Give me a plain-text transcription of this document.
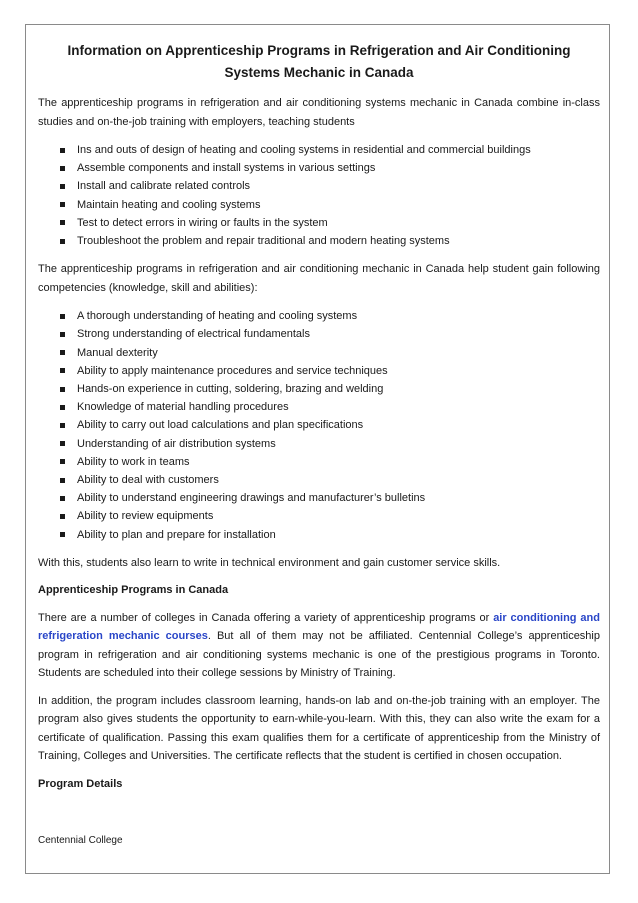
Information on Apprenticeship Programs in Refrigeration and Air Conditioning Systems Mechanic in Canada

The apprenticeship programs in refrigeration and air conditioning systems mechanic in Canada combine in-class studies and on-the-job training with employers, teaching students

Ins and outs of design of heating and cooling systems in residential and commercial buildings
Assemble components and install systems in various settings
Install and calibrate related controls
Maintain heating and cooling systems
Test to detect errors in wiring or faults in the system
Troubleshoot the problem and repair traditional and modern heating systems

The apprenticeship programs in refrigeration and air conditioning mechanic in Canada help student gain following competencies (knowledge, skill and abilities):

A thorough understanding of heating and cooling systems
Strong understanding of electrical fundamentals
Manual dexterity
Ability to apply maintenance procedures and service techniques
Hands-on experience in cutting, soldering, brazing and welding
Knowledge of material handling procedures
Ability to carry out load calculations and plan specifications
Understanding of air distribution systems
Ability to work in teams
Ability to deal with customers
Ability to understand engineering drawings and manufacturer’s bulletins
Ability to review equipments
Ability to plan and prepare for installation

With this, students also learn to write in technical environment and gain customer service skills.

Apprenticeship Programs in Canada

There are a number of colleges in Canada offering a variety of apprenticeship programs or air conditioning and refrigeration mechanic courses. But all of them may not be affiliated. Centennial College’s apprenticeship program in refrigeration and air conditioning systems mechanic is one of the prestigious programs in Toronto. Students are scheduled into their college sessions by Ministry of Training.

In addition, the program includes classroom learning, hands-on lab and on-the-job training with an employer. The program also gives students the opportunity to earn-while-you-learn. With this, they can also write the exam for a certificate of qualification. Passing this exam qualifies them for a certificate of apprenticeship from the Ministry of Training, Colleges and Universities. The certificate reflects that the student is certified in chosen occupation.

Program Details

Centennial College
